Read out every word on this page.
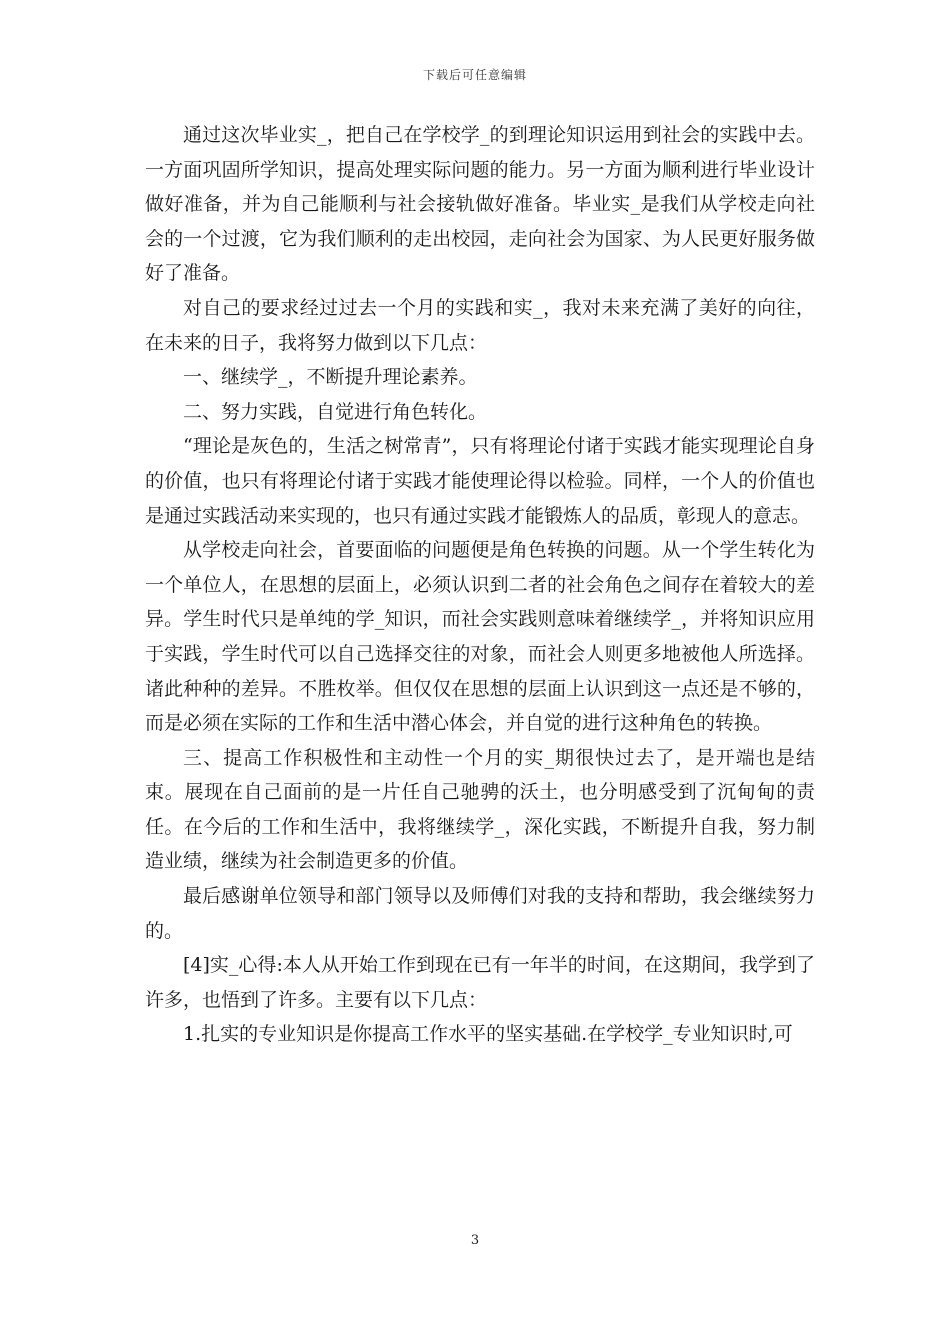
下载后可任意编辑

通过这次毕业实_，把自己在学校学_的到理论知识运用到社会的实践中去。一方面巩固所学知识，提高处理实际问题的能力。另一方面为顺利进行毕业设计做好准备，并为自己能顺利与社会接轨做好准备。毕业实_是我们从学校走向社会的一个过渡，它为我们顺利的走出校园，走向社会为国家、为人民更好服务做好了准备。

对自己的要求经过过去一个月的实践和实_，我对未来充满了美好的向往，在未来的日子，我将努力做到以下几点：

一、继续学_，不断提升理论素养。

二、努力实践，自觉进行角色转化。

“理论是灰色的，生活之树常青”，只有将理论付诸于实践才能实现理论自身的价值，也只有将理论付诸于实践才能使理论得以检验。同样，一个人的价值也是通过实践活动来实现的，也只有通过实践才能锻炼人的品质，彰现人的意志。

从学校走向社会，首要面临的问题便是角色转换的问题。从一个学生转化为一个单位人，在思想的层面上，必须认识到二者的社会角色之间存在着较大的差异。学生时代只是单纯的学_知识，而社会实践则意味着继续学_，并将知识应用于实践，学生时代可以自己选择交往的对象，而社会人则更多地被他人所选择。诸此种种的差异。不胜枚举。但仅仅在思想的层面上认识到这一点还是不够的，而是必须在实际的工作和生活中潜心体会，并自觉的进行这种角色的转换。

三、提高工作积极性和主动性一个月的实_期很快过去了，是开端也是结束。展现在自己面前的是一片任自己驰骋的沃土，也分明感受到了沉甸甸的责任。在今后的工作和生活中，我将继续学_，深化实践，不断提升自我，努力制造业绩，继续为社会制造更多的价值。

最后感谢单位领导和部门领导以及师傅们对我的支持和帮助，我会继续努力的。

[4]实_心得:本人从开始工作到现在已有一年半的时间，在这期间，我学到了许多，也悟到了许多。主要有以下几点：

1.扎实的专业知识是你提高工作水平的坚实基础.在学校学_专业知识时,可

3
